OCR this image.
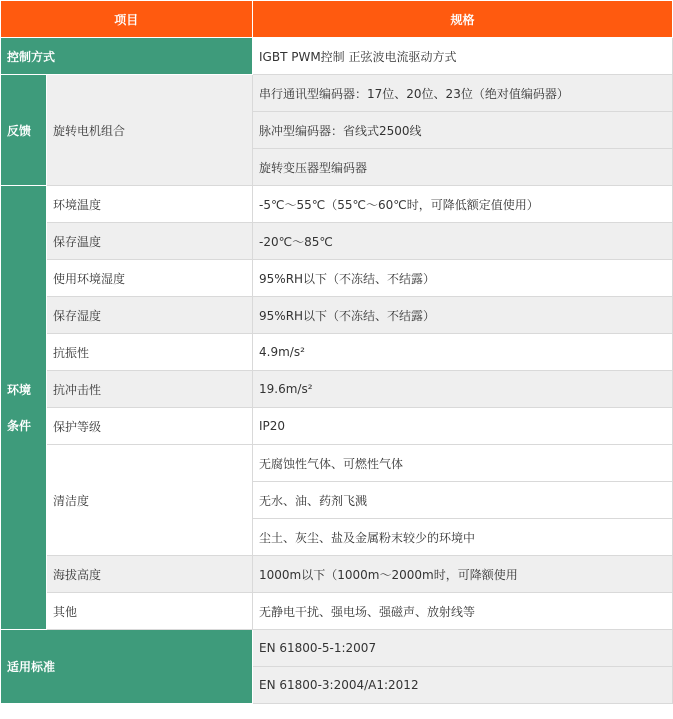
项目		规格
控制方式		IGBT PWM控制 正弦波电流驱动方式
反馈	旋转电机组合	串行通讯型编码器：17位、20位、23位（绝对值编码器）
		脉冲型编码器：省线式2500线
		旋转变压器型编码器

环境
条件	环境温度	-5℃～55℃（55℃～60℃时，可降低额定值使用）
	保存温度	-20℃～85℃
	使用环境湿度	95%RH以下（不冻结、不结露）
	保存湿度	95%RH以下（不冻结、不结露）
	抗振性	4.9m/s²
	抗冲击性	19.6m/s²
	保护等级	IP20
	清洁度	无腐蚀性气体、可燃性气体
		无水、油、药剂飞溅
		尘土、灰尘、盐及金属粉末较少的环境中
	海拔高度	1000m以下（1000m～2000m时，可降额使用
	其他	无静电干扰、强电场、强磁声、放射线等
适用标准		EN 61800-5-1:2007
		EN 61800-3:2004/A1:2012
